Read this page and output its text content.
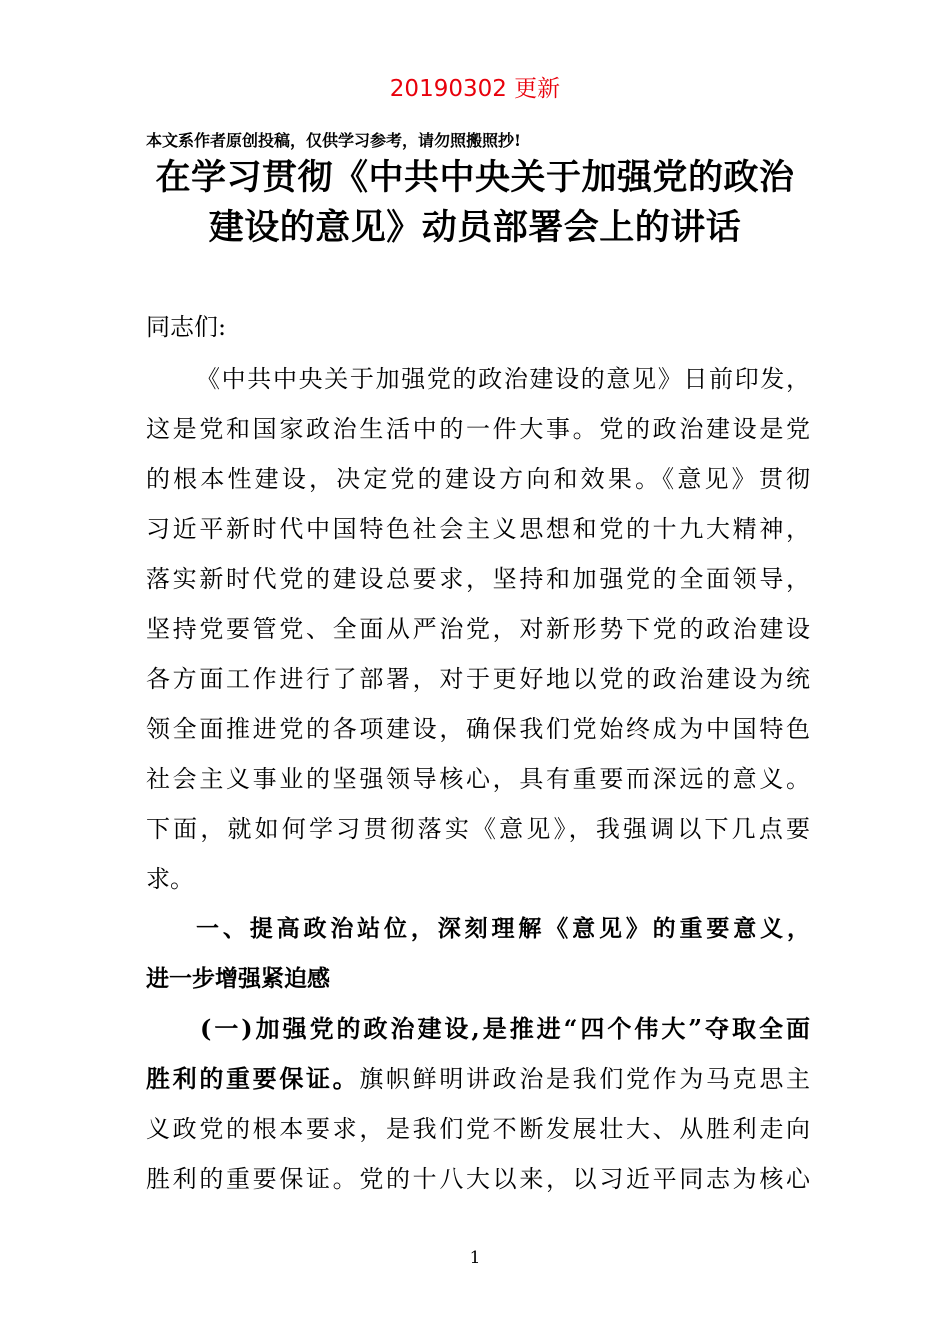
20190302 更新
本文系作者原创投稿，仅供学习参考，请勿照搬照抄!
在学习贯彻《中共中央关于加强党的政治
建设的意见》动员部署会上的讲话
同志们:
《中共中央关于加强党的政治建设的意见》日前印发，
这是党和国家政治生活中的一件大事。党的政治建设是党
的根本性建设，决定党的建设方向和效果。《意见》贯彻
习近平新时代中国特色社会主义思想和党的十九大精神，
落实新时代党的建设总要求，坚持和加强党的全面领导，
坚持党要管党、全面从严治党，对新形势下党的政治建设
各方面工作进行了部署，对于更好地以党的政治建设为统
领全面推进党的各项建设，确保我们党始终成为中国特色
社会主义事业的坚强领导核心，具有重要而深远的意义。
下面，就如何学习贯彻落实《意见》，我强调以下几点要
求。
一、提高政治站位，深刻理解《意见》的重要意义，
进一步增强紧迫感
(一)加强党的政治建设,是推进“四个伟大”夺取全面
胜利的重要保证。旗帜鲜明讲政治是我们党作为马克思主
义政党的根本要求，是我们党不断发展壮大、从胜利走向
胜利的重要保证。党的十八大以来，以习近平同志为核心
1
